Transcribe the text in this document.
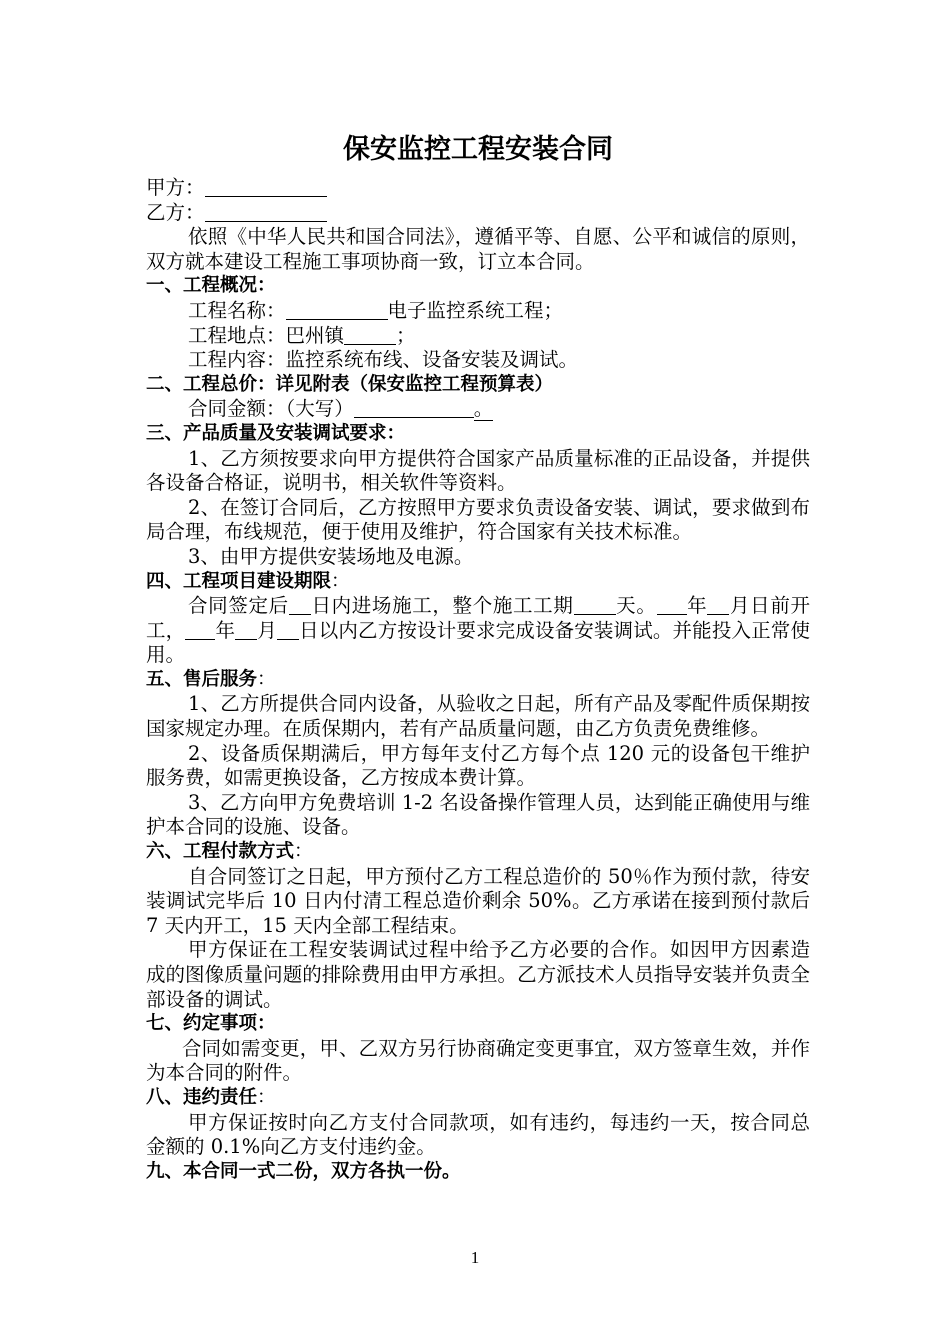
保安监控工程安装合同
甲方：
乙方：
依照《中华人民共和国合同法》，遵循平等、自愿、公平和诚信的原则，双方就本建设工程施工事项协商一致，订立本合同。
一、工程概况：
工程名称：	电子监控系统工程；
工程地点：巴州镇	；
工程内容：监控系统布线、设备安装及调试。
二、工程总价：详见附表（保安监控工程预算表）
合同金额：（大写）	。
三、产品质量及安装调试要求：
1、乙方须按要求向甲方提供符合国家产品质量标准的正品设备，并提供各设备合格证，说明书，相关软件等资料。
2、在签订合同后，乙方按照甲方要求负责设备安装、调试，要求做到布局合理，布线规范，便于使用及维护，符合国家有关技术标准。
3、由甲方提供安装场地及电源。
四、工程项目建设期限：
合同签定后 日内进场施工，整个施工工期 天。 年 月日前开工， 年 月 日以内乙方按设计要求完成设备安装调试。并能投入正常使用。
五、售后服务：
1、乙方所提供合同内设备，从验收之日起，所有产品及零配件质保期按国家规定办理。在质保期内，若有产品质量问题，由乙方负责免费维修。
2、设备质保期满后，甲方每年支付乙方每个点 120 元的设备包干维护服务费，如需更换设备，乙方按成本费计算。
3、乙方向甲方免费培训 1-2 名设备操作管理人员，达到能正确使用与维护本合同的设施、设备。
六、工程付款方式：
自合同签订之日起，甲方预付乙方工程总造价的 50％作为预付款，待安装调试完毕后 10 日内付清工程总造价剩余 50%。乙方承诺在接到预付款后 7 天内开工，15 天内全部工程结束。
甲方保证在工程安装调试过程中给予乙方必要的合作。如因甲方因素造成的图像质量问题的排除费用由甲方承担。乙方派技术人员指导安装并负责全部设备的调试。
七、约定事项：
合同如需变更，甲、乙双方另行协商确定变更事宜，双方签章生效，并作为本合同的附件。
八、违约责任：
甲方保证按时向乙方支付合同款项，如有违约，每违约一天，按合同总金额的 0.1%向乙方支付违约金。
九、本合同一式二份，双方各执一份。
1
